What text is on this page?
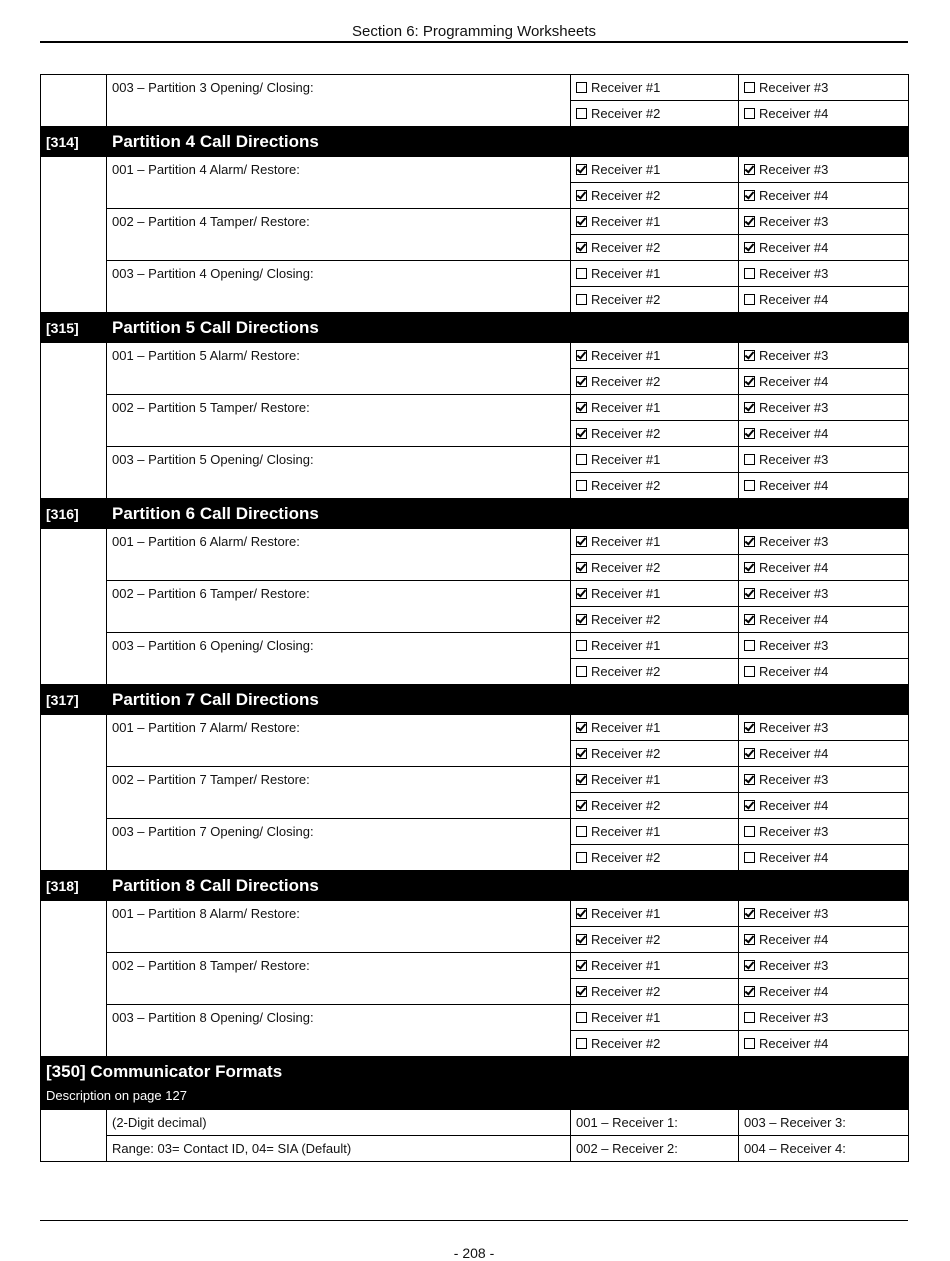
Section 6: Programming Worksheets
	003 – Partition 3 Opening/ Closing:	Receiver #1	Receiver #3
		Receiver #2	Receiver #4
[314]	Partition 4 Call Directions		
	001 – Partition 4 Alarm/ Restore:	Receiver #1	Receiver #3
		Receiver #2	Receiver #4
	002 – Partition 4 Tamper/ Restore:	Receiver #1	Receiver #3
		Receiver #2	Receiver #4
	003 – Partition 4 Opening/ Closing:	Receiver #1	Receiver #3
		Receiver #2	Receiver #4
[315]	Partition 5 Call Directions		
	001 – Partition 5 Alarm/ Restore:	Receiver #1	Receiver #3
		Receiver #2	Receiver #4
	002 – Partition 5 Tamper/ Restore:	Receiver #1	Receiver #3
		Receiver #2	Receiver #4
	003 – Partition 5 Opening/ Closing:	Receiver #1	Receiver #3
		Receiver #2	Receiver #4
[316]	Partition 6 Call Directions		
	001 – Partition 6 Alarm/ Restore:	Receiver #1	Receiver #3
		Receiver #2	Receiver #4
	002 – Partition 6 Tamper/ Restore:	Receiver #1	Receiver #3
		Receiver #2	Receiver #4
	003 – Partition 6 Opening/ Closing:	Receiver #1	Receiver #3
		Receiver #2	Receiver #4
[317]	Partition 7 Call Directions		
	001 – Partition 7 Alarm/ Restore:	Receiver #1	Receiver #3
		Receiver #2	Receiver #4
	002 – Partition 7 Tamper/ Restore:	Receiver #1	Receiver #3
		Receiver #2	Receiver #4
	003 – Partition 7 Opening/ Closing:	Receiver #1	Receiver #3
		Receiver #2	Receiver #4
[318]	Partition 8 Call Directions		
	001 – Partition 8 Alarm/ Restore:	Receiver #1	Receiver #3
		Receiver #2	Receiver #4
	002 – Partition 8 Tamper/ Restore:	Receiver #1	Receiver #3
		Receiver #2	Receiver #4
	003 – Partition 8 Opening/ Closing:	Receiver #1	Receiver #3
		Receiver #2	Receiver #4

[350] Communicator Formats
Description on page 127			

	(2-Digit decimal)	001 – Receiver 1:	003 – Receiver 3:
	Range: 03= Contact ID, 04= SIA (Default)	002 – Receiver 2:	004 – Receiver 4:
- 208 -
